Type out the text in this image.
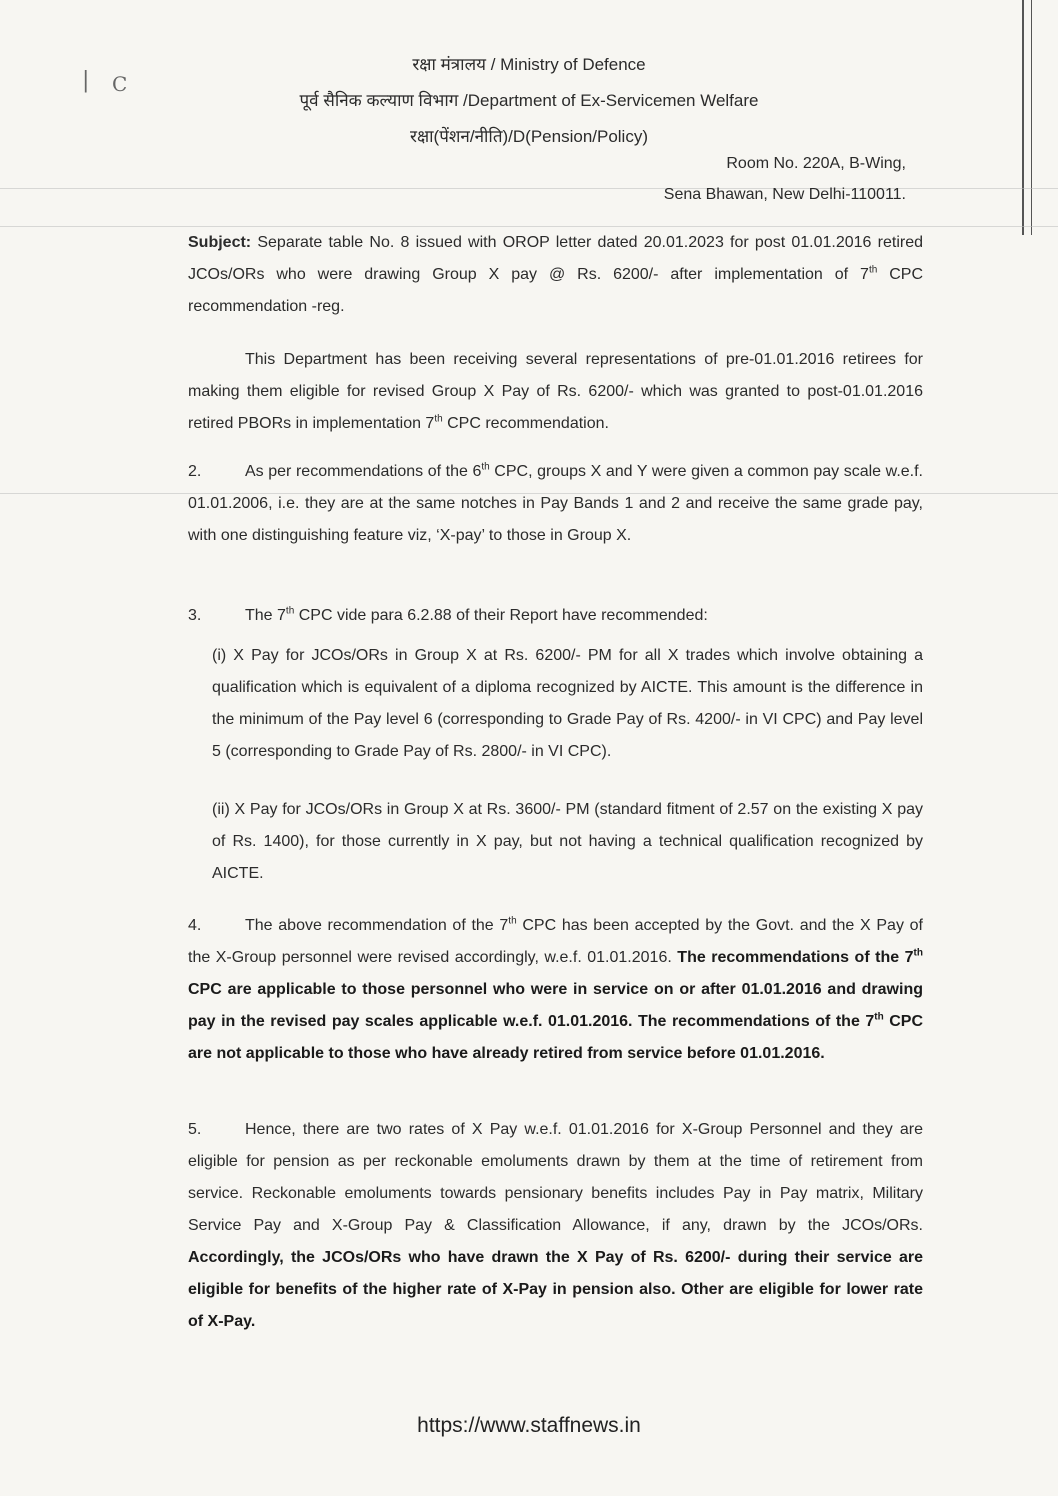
| C
रक्षा मंत्रालय / Ministry of Defence
पूर्व सैनिक कल्याण विभाग /Department of Ex-Servicemen Welfare
रक्षा(पेंशन/नीति)/D(Pension/Policy)
Room No. 220A, B-Wing,
Sena Bhawan, New Delhi-110011.
Subject: Separate table No. 8 issued with OROP letter dated 20.01.2023 for post 01.01.2016 retired JCOs/ORs who were drawing Group X pay @ Rs. 6200/- after implementation of 7th CPC recommendation -reg.
This Department has been receiving several representations of pre-01.01.2016 retirees for making them eligible for revised Group X Pay of Rs. 6200/- which was granted to post-01.01.2016 retired PBORs in implementation 7th CPC recommendation.
2.	As per recommendations of the 6th CPC, groups X and Y were given a common pay scale w.e.f. 01.01.2006, i.e. they are at the same notches in Pay Bands 1 and 2 and receive the same grade pay, with one distinguishing feature viz, ‘X-pay’ to those in Group X.
3.	The 7th CPC vide para 6.2.88 of their Report have recommended:
(i) X Pay for JCOs/ORs in Group X at Rs. 6200/- PM for all X trades which involve obtaining a qualification which is equivalent of a diploma recognized by AICTE. This amount is the difference in the minimum of the Pay level 6 (corresponding to Grade Pay of Rs. 4200/- in VI CPC) and Pay level 5 (corresponding to Grade Pay of Rs. 2800/- in VI CPC).
(ii) X Pay for JCOs/ORs in Group X at Rs. 3600/- PM (standard fitment of 2.57 on the existing X pay of Rs. 1400), for those currently in X pay, but not having a technical qualification recognized by AICTE.
4.	The above recommendation of the 7th CPC has been accepted by the Govt. and the X Pay of the X-Group personnel were revised accordingly, w.e.f. 01.01.2016. The recommendations of the 7th CPC are applicable to those personnel who were in service on or after 01.01.2016 and drawing pay in the revised pay scales applicable w.e.f. 01.01.2016. The recommendations of the 7th CPC are not applicable to those who have already retired from service before 01.01.2016.
5.	Hence, there are two rates of X Pay w.e.f. 01.01.2016 for X-Group Personnel and they are eligible for pension as per reckonable emoluments drawn by them at the time of retirement from service. Reckonable emoluments towards pensionary benefits includes Pay in Pay matrix, Military Service Pay and X-Group Pay & Classification Allowance, if any, drawn by the JCOs/ORs. Accordingly, the JCOs/ORs who have drawn the X Pay of Rs. 6200/- during their service are eligible for benefits of the higher rate of X-Pay in pension also. Other are eligible for lower rate of X-Pay.
https://www.staffnews.in
